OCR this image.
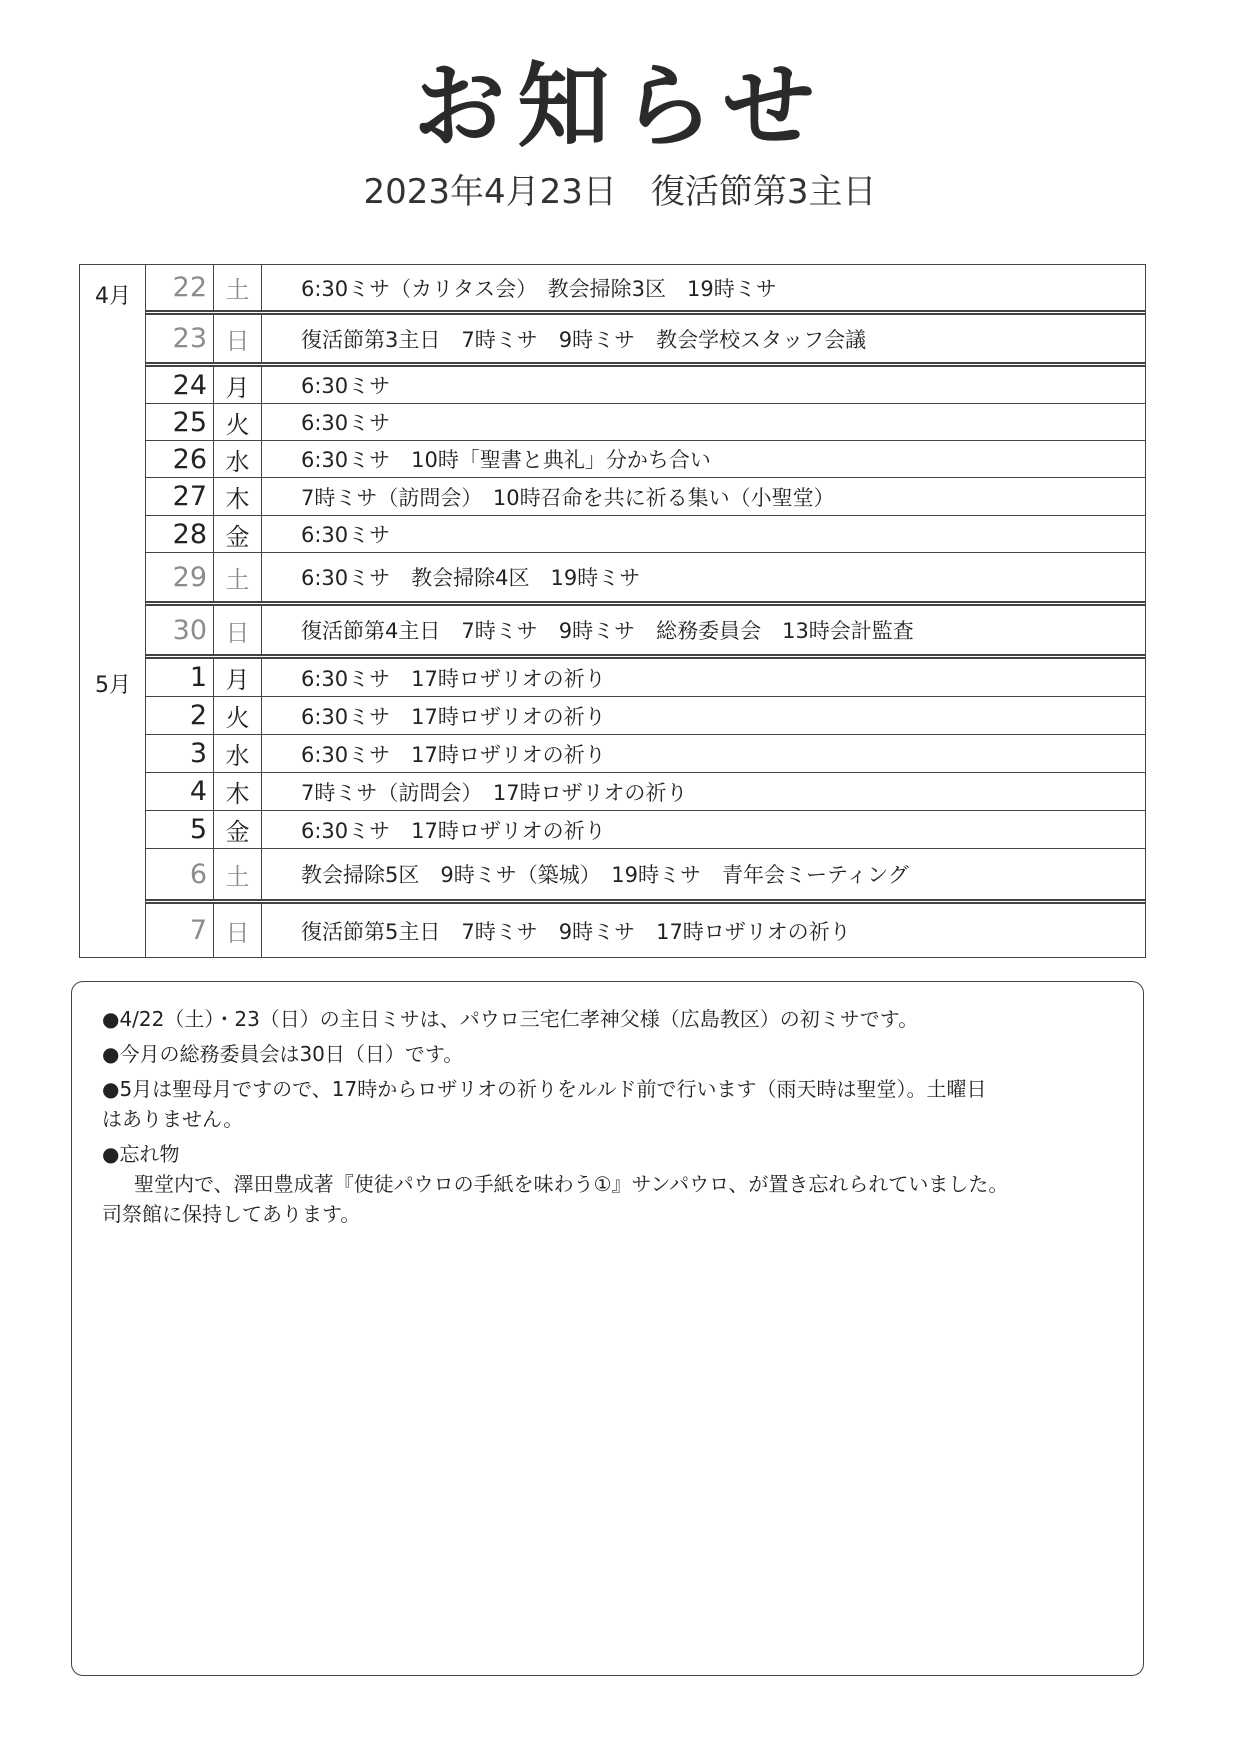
お知らせ
2023年4月23日　復活節第3主日
4月
5月
22 土	6:30ミサ（カリタス会）　教会掃除3区　19時ミサ
23 日	復活節第3主日　7時ミサ　9時ミサ　教会学校スタッフ会議
24 月	6:30ミサ
25 火	6:30ミサ
26 水	6:30ミサ　10時「聖書と典礼」分かち合い
27 木	7時ミサ（訪問会）　10時召命を共に祈る集い（小聖堂）
28 金	6:30ミサ
29 土	6:30ミサ　教会掃除4区　19時ミサ
30 日	復活節第4主日　7時ミサ　9時ミサ　総務委員会　13時会計監査
1 月	6:30ミサ　17時ロザリオの祈り
2 火	6:30ミサ　17時ロザリオの祈り
3 水	6:30ミサ　17時ロザリオの祈り
4 木	7時ミサ（訪問会）　17時ロザリオの祈り
5 金	6:30ミサ　17時ロザリオの祈り
6 土	教会掃除5区　9時ミサ（築城）　19時ミサ　青年会ミーティング
7 日	復活節第5主日　7時ミサ　9時ミサ　17時ロザリオの祈り
●4/22（土）・23（日）の主日ミサは、パウロ三宅仁孝神父様（広島教区）の初ミサです。
●今月の総務委員会は30日（日）です。
●5月は聖母月ですので、17時からロザリオの祈りをルルド前で行います（雨天時は聖堂）。土曜日
はありません。
●忘れ物
聖堂内で、澤田豊成著『使徒パウロの手紙を味わう①』サンパウロ、が置き忘れられていました。
司祭館に保持してあります。
